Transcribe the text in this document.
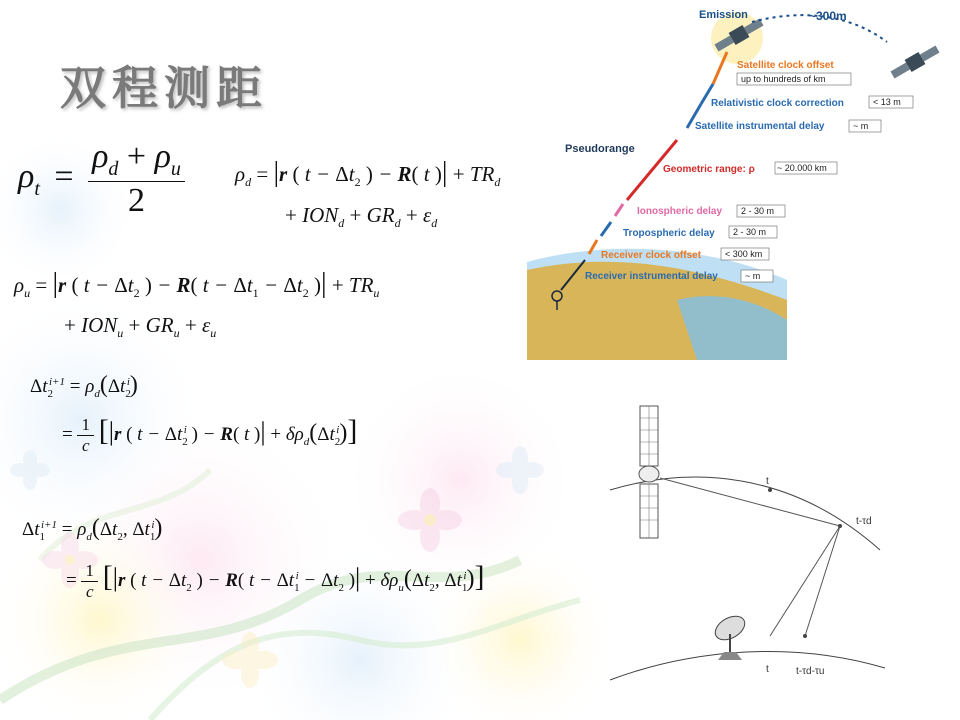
双程测距
$\rho_t = \frac{\rho_d + \rho_u}{2} \rho_d = |r$ ( $t - \Delta t_2$ ) − R( t )| + $TR_d$
+ $ION_d + GR_d + \varepsilon_d$
$\rho_u = |r$ ( $t - \Delta t_2$ ) − R( $t - \Delta t_1 - \Delta t_2$ )| + $TR_u$
+ $ION_u + GR_u + \varepsilon_u$
$\Delta t_2^{i+1} = \rho_d(\Delta t_2^i)$
= $\frac{1}{c} [|r$ ( $t - \Delta t_2^i$ ) − R( t )| + $\delta\rho_d(\Delta t_2^i)$]
$\Delta t_1^{i+1} = \rho_d(\Delta t_2$, $\Delta t_1^i$)
= $\frac{1}{c} [|r$ ( $t - \Delta t_2$ ) − R( $t - \Delta t_1^i - \Delta t_2$ )| + $\delta\rho_u(\Delta t_2$, $\Delta t_1^i$)]
Emission	~300m
Pseudorange
Satellite clock offset
up to hundreds of km
Relativistic clock correction	< 13 m
Satellite instrumental delay	~ m
Geometric range: ρ ~ 20.000 km
Ionospheric delay 2 - 30 m
Tropospheric delay 2 - 30 m
Receiver clock offset	< 300 km
Receiver instrumental delay	~ m
t
t-τd
t	t-τd-τu
